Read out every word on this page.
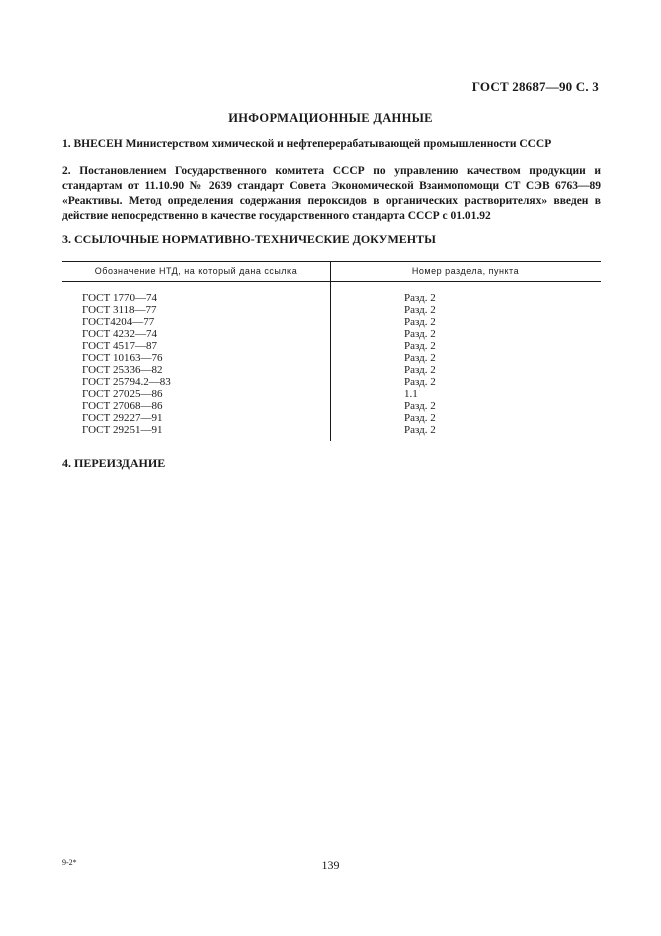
ГОСТ 28687—90 С. 3
ИНФОРМАЦИОННЫЕ ДАННЫЕ
1. ВНЕСЕН Министерством химической и нефтеперерабатывающей промышленности СССР
2. Постановлением Государственного комитета СССР по управлению качеством продукции и стандартам от 11.10.90 № 2639 стандарт Совета Экономической Взаимопомощи СТ СЭВ 6763—89 «Реактивы. Метод определения содержания пероксидов в органических растворителях» введен в действие непосредственно в качестве государственного стандарта СССР с 01.01.92
3. ССЫЛОЧНЫЕ НОРМАТИВНО-ТЕХНИЧЕСКИЕ ДОКУМЕНТЫ
Обозначение НТД, на который дана ссылка	Номер раздела, пункта
ГОСТ 1770—74	Разд. 2
ГОСТ 3118—77	Разд. 2
ГОСТ4204—77	Разд. 2
ГОСТ 4232—74	Разд. 2
ГОСТ 4517—87	Разд. 2
ГОСТ 10163—76	Разд. 2
ГОСТ 25336—82	Разд. 2
ГОСТ 25794.2—83	Разд. 2
ГОСТ 27025—86	1.1
ГОСТ 27068—86	Разд. 2
ГОСТ 29227—91	Разд. 2
ГОСТ 29251—91	Разд. 2
4. ПЕРЕИЗДАНИЕ
9-2*	139
